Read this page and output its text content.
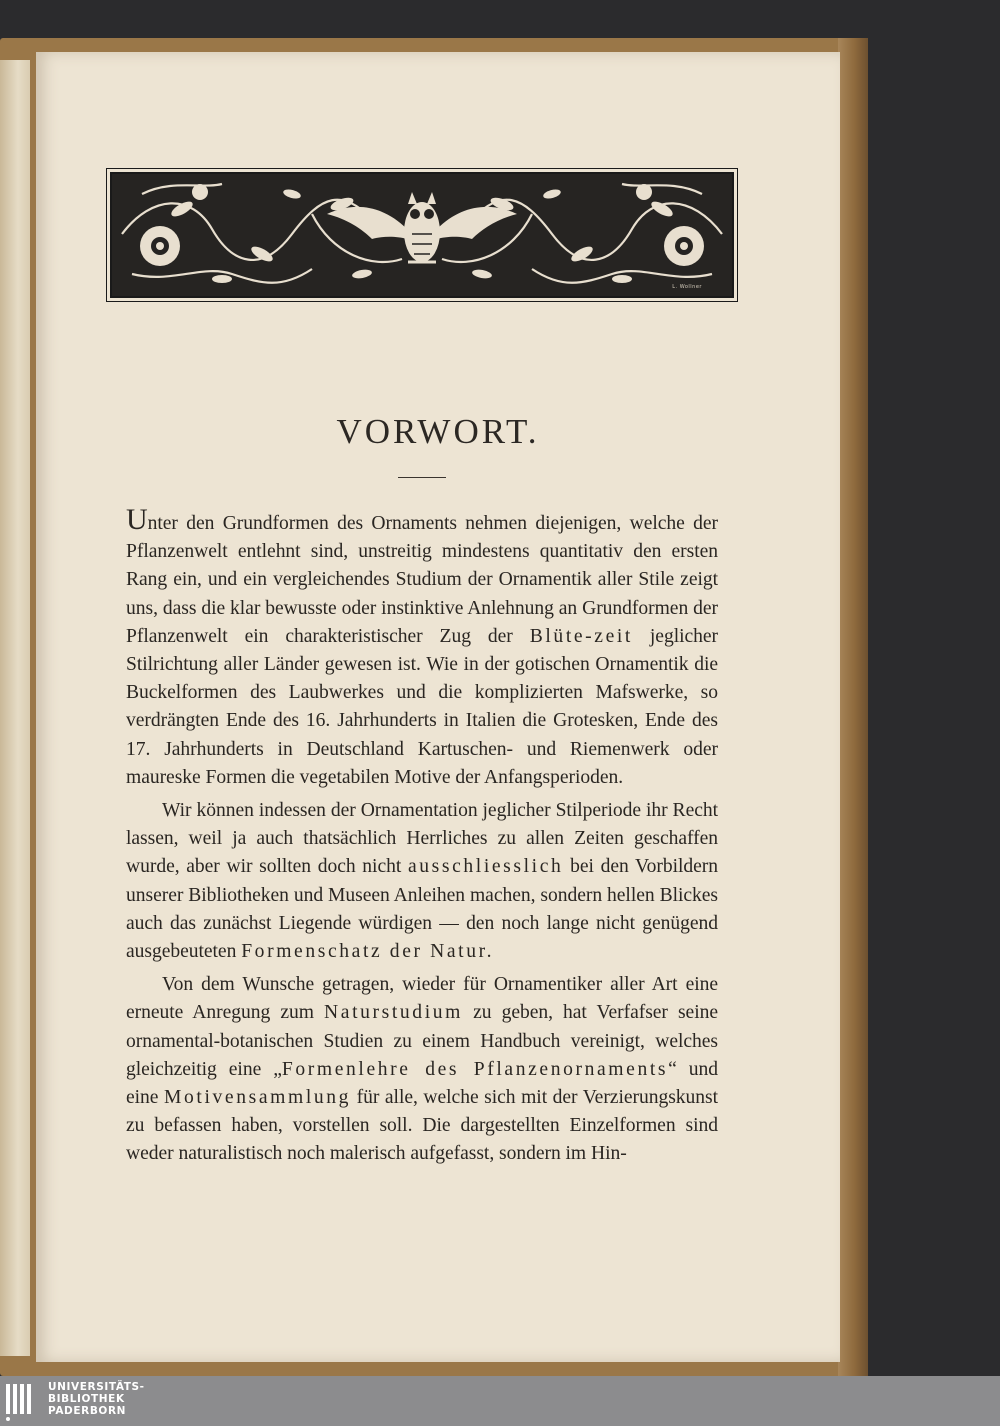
L. Wollner
VORWORT.

Unter den Grundformen des Ornaments nehmen diejenigen, welche der Pflanzenwelt entlehnt sind, unstreitig mindestens quantitativ den ersten Rang ein, und ein vergleichendes Studium der Ornamentik aller Stile zeigt uns, dass die klar bewusste oder instinktive Anlehnung an Grundformen der Pflanzenwelt ein charakteristischer Zug der Blüte-zeit jeglicher Stilrichtung aller Länder gewesen ist. Wie in der gotischen Ornamentik die Buckelformen des Laubwerkes und die komplizierten Mafswerke, so verdrängten Ende des 16. Jahrhunderts in Italien die Grotesken, Ende des 17. Jahrhunderts in Deutschland Kartuschen- und Riemenwerk oder maureske Formen die vegetabilen Motive der Anfangsperioden.

Wir können indessen der Ornamentation jeglicher Stilperiode ihr Recht lassen, weil ja auch thatsächlich Herrliches zu allen Zeiten geschaffen wurde, aber wir sollten doch nicht ausschliesslich bei den Vorbildern unserer Bibliotheken und Museen Anleihen machen, sondern hellen Blickes auch das zunächst Liegende würdigen — den noch lange nicht genügend ausgebeuteten Formenschatz der Natur.

Von dem Wunsche getragen, wieder für Ornamentiker aller Art eine erneute Anregung zum Naturstudium zu geben, hat Verfafser seine ornamental-botanischen Studien zu einem Handbuch vereinigt, welches gleichzeitig eine „Formenlehre des Pflanzenornaments“ und eine Motivensammlung für alle, welche sich mit der Verzierungskunst zu befassen haben, vorstellen soll. Die dargestellten Einzelformen sind weder naturalistisch noch malerisch aufgefasst, sondern im Hin-

UNIVERSITÄTS-
BIBLIOTHEK
PADERBORN
